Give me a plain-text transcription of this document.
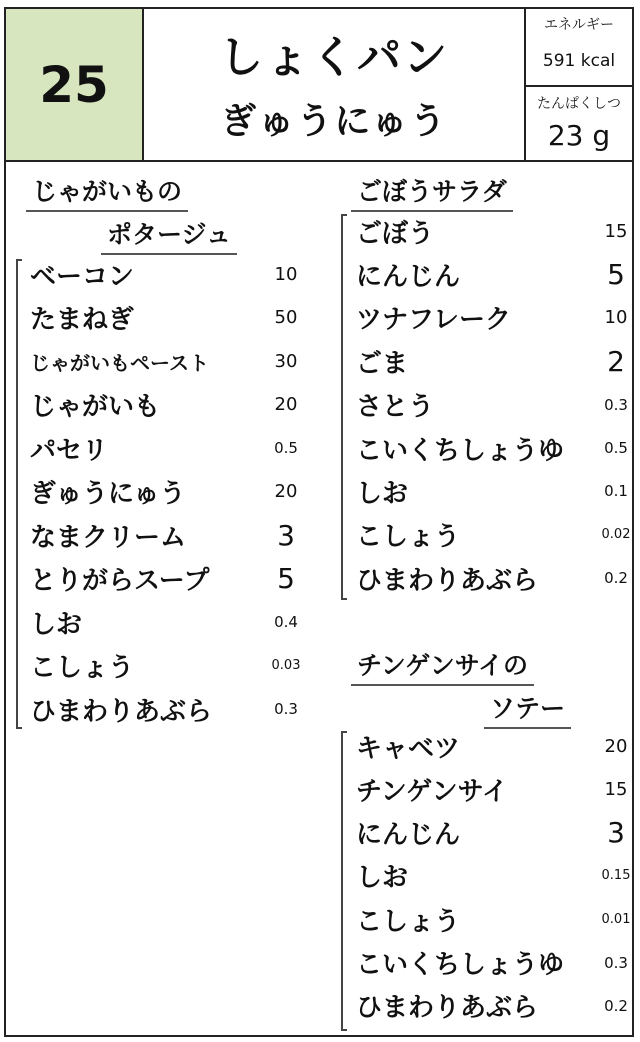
25	しょくパン
ぎゅうにゅう
エネルギー
591 kcal
たんぱくしつ
23 g
じゃがいもの
ポタージュ
ベーコン	10
たまねぎ	50
じゃがいもペースト	30
じゃがいも	20
パセリ	0.5
ぎゅうにゅう	20
なまクリーム	3
とりがらスープ	5
しお	0.4
こしょう	0.03
ひまわりあぶら	0.3
ごぼうサラダ
ごぼう	15
にんじん	5
ツナフレーク	10
ごま	2
さとう	0.3
こいくちしょうゆ	0.5
しお	0.1
こしょう	0.02
ひまわりあぶら	0.2
チンゲンサイの
ソテー
キャベツ	20
チンゲンサイ	15
にんじん	3
しお	0.15
こしょう	0.01
こいくちしょうゆ	0.3
ひまわりあぶら	0.2
